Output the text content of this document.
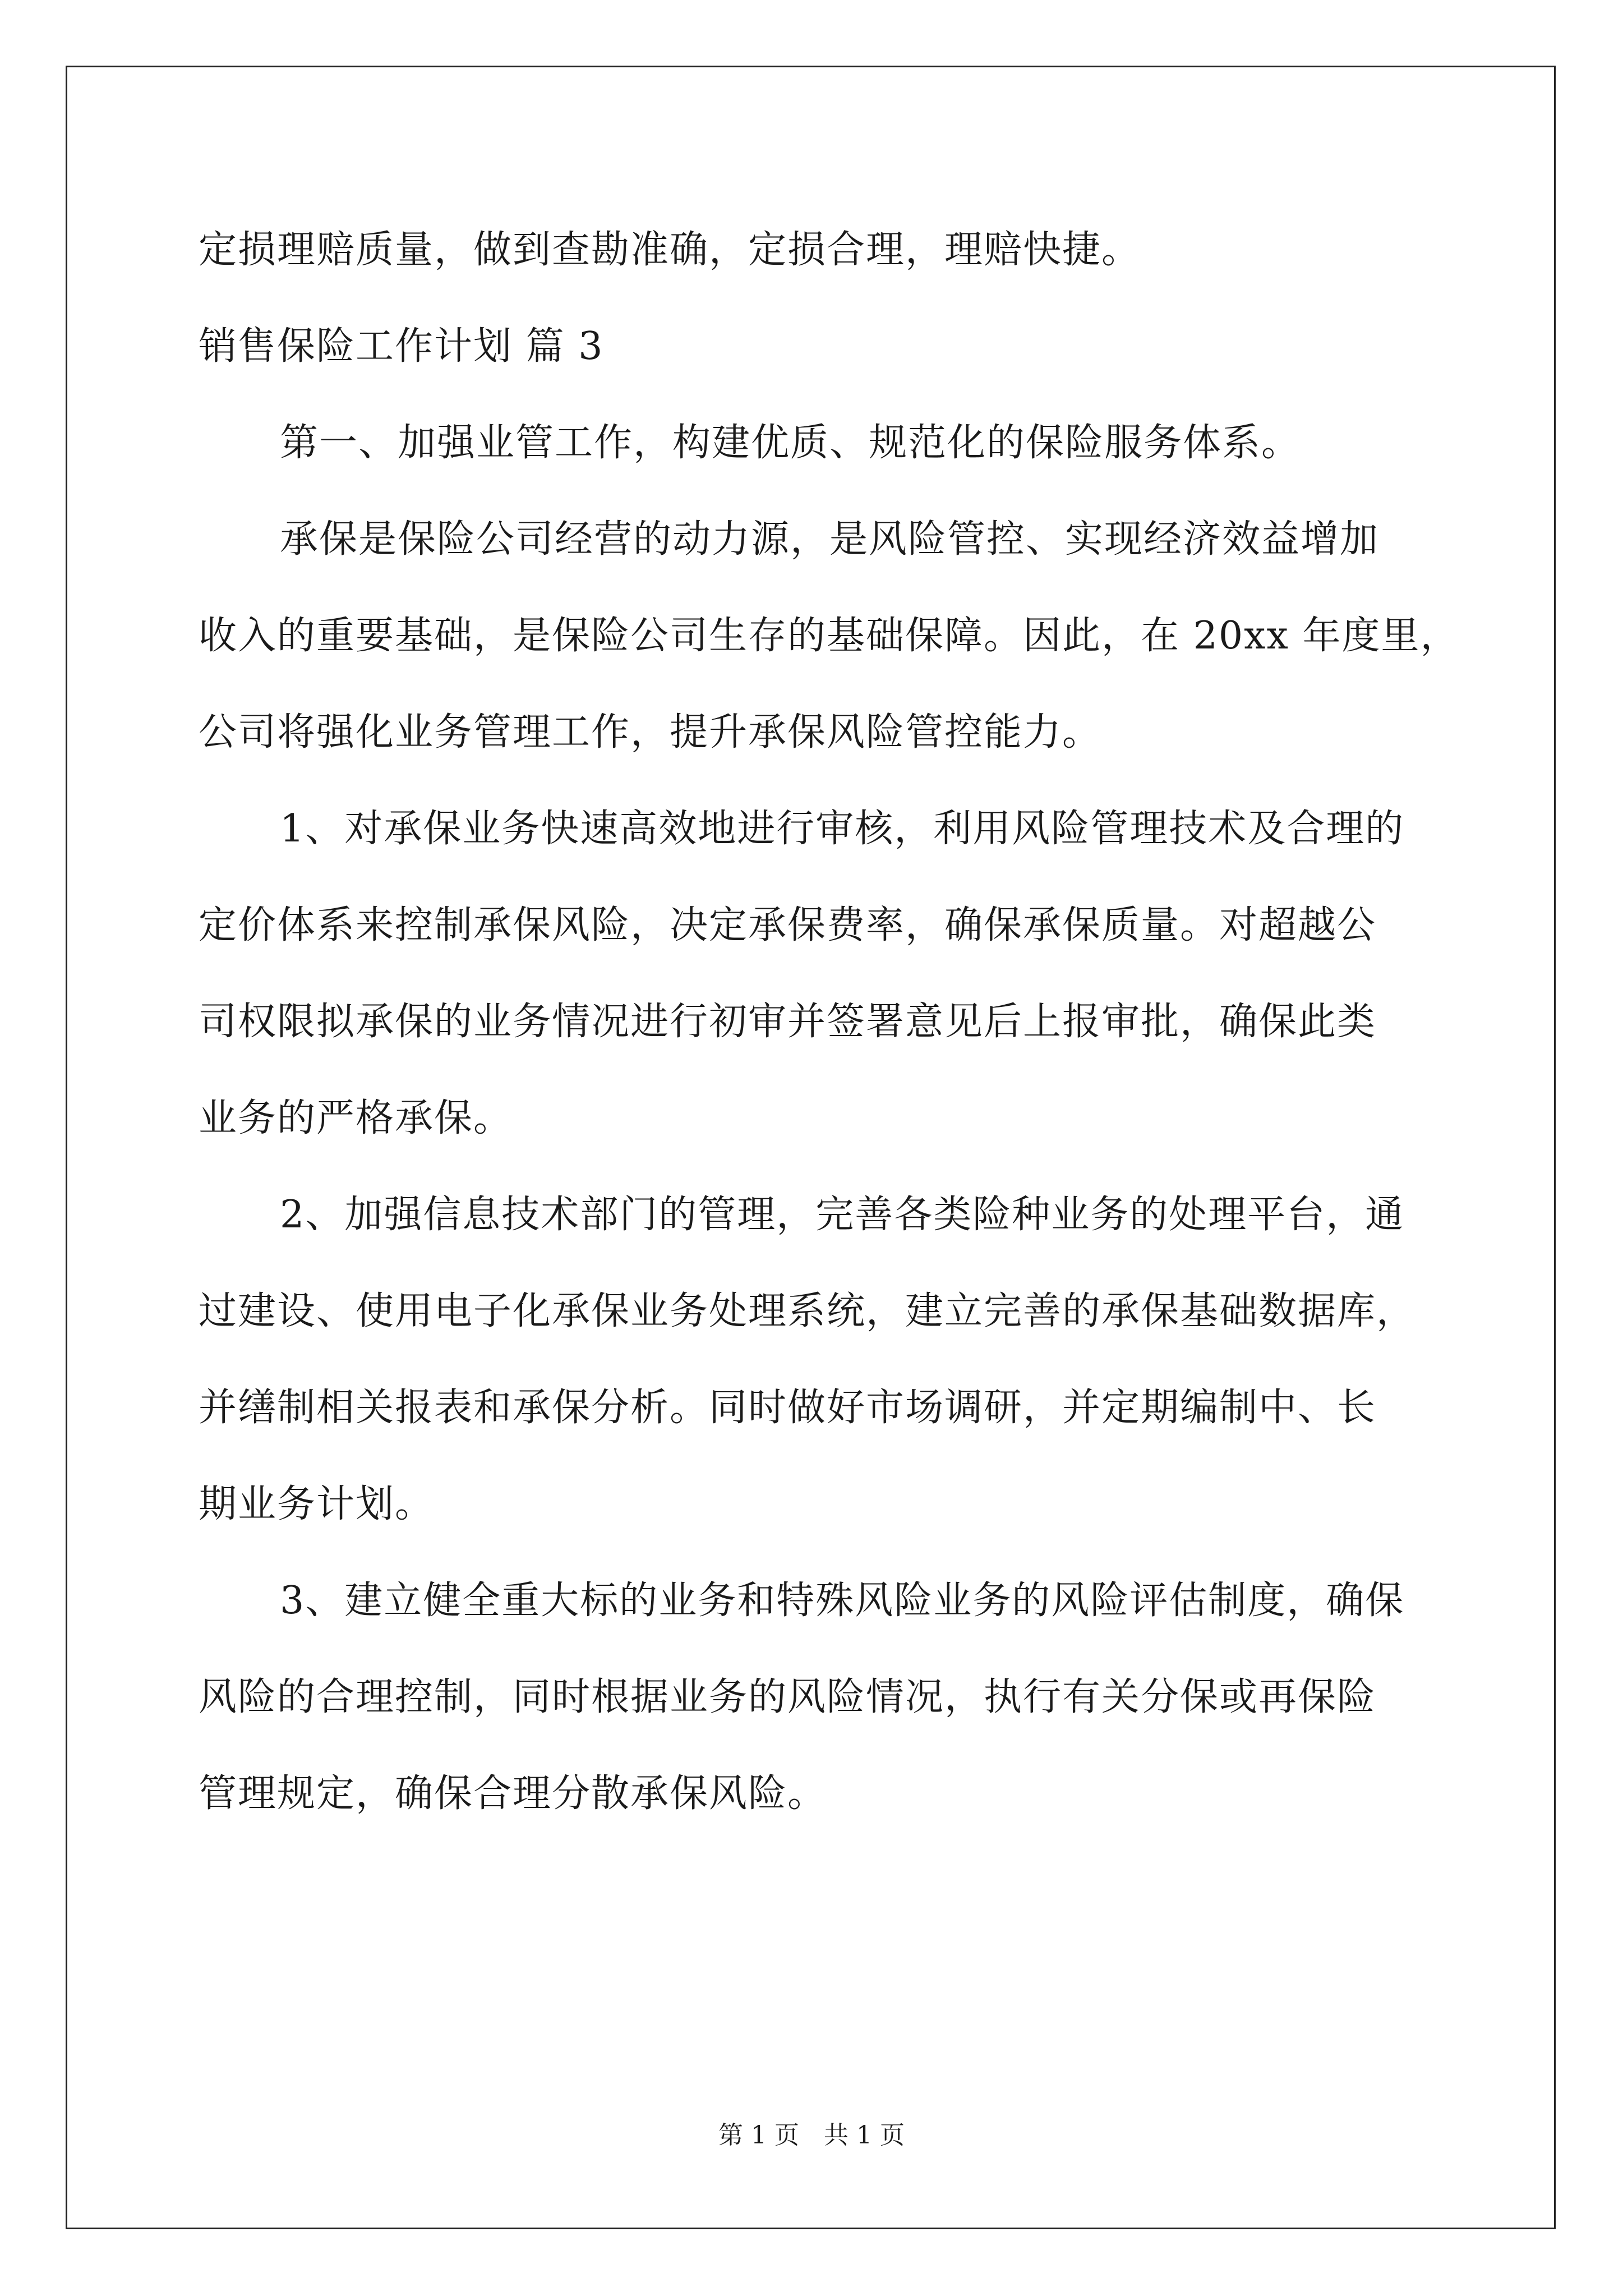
定损理赔质量，做到查勘准确，定损合理，理赔快捷。
销售保险工作计划 篇 3
第一、加强业管工作，构建优质、规范化的保险服务体系。
承保是保险公司经营的动力源，是风险管控、实现经济效益增加
收入的重要基础，是保险公司生存的基础保障。因此，在 20xx 年度里，
公司将强化业务管理工作，提升承保风险管控能力。
1、对承保业务快速高效地进行审核，利用风险管理技术及合理的
定价体系来控制承保风险，决定承保费率，确保承保质量。对超越公
司权限拟承保的业务情况进行初审并签署意见后上报审批，确保此类
业务的严格承保。
2、加强信息技术部门的管理，完善各类险种业务的处理平台，通
过建设、使用电子化承保业务处理系统，建立完善的承保基础数据库，
并缮制相关报表和承保分析。同时做好市场调研，并定期编制中、长
期业务计划。
3、建立健全重大标的业务和特殊风险业务的风险评估制度，确保
风险的合理控制，同时根据业务的风险情况，执行有关分保或再保险
管理规定，确保合理分散承保风险。
第 1 页　共 1 页
